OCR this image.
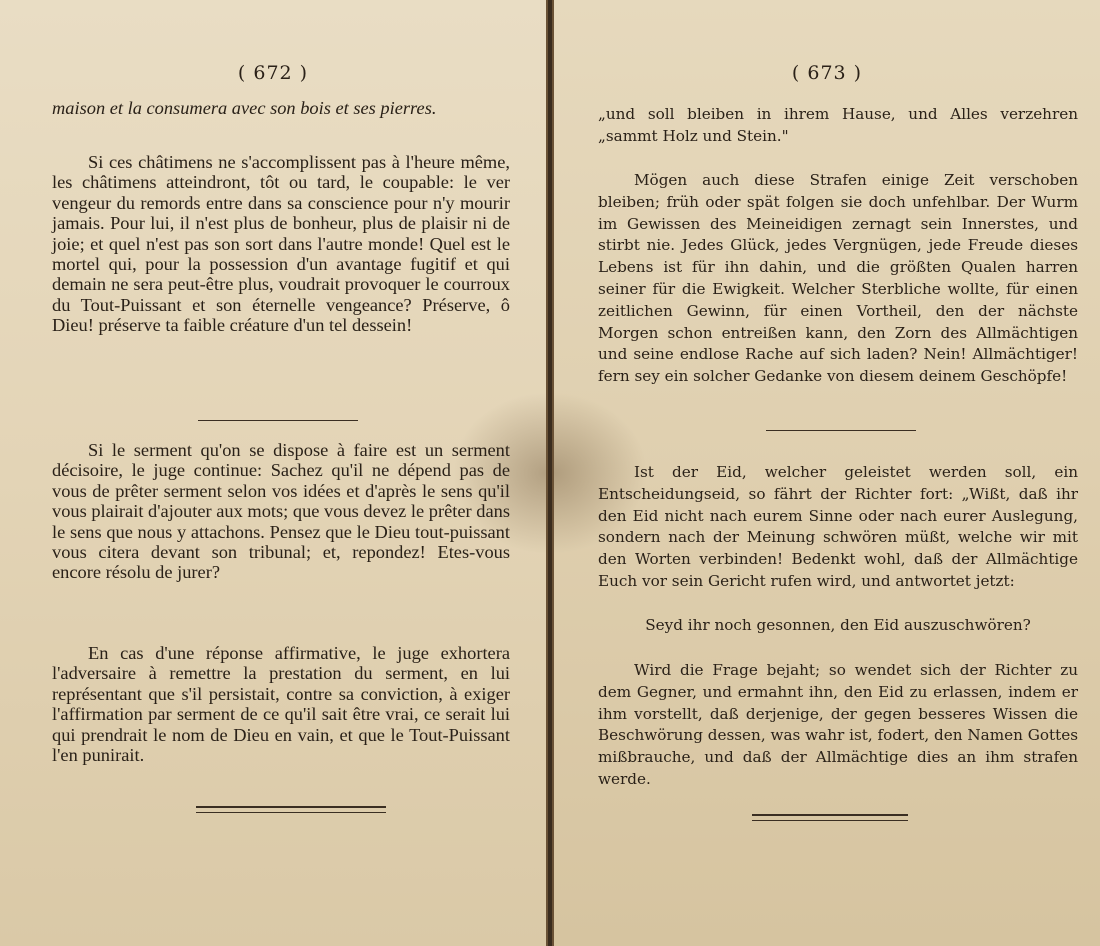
( 672 )

maison et la consumera avec son bois et ses pierres.

Si ces châtimens ne s'accomplissent pas à l'heure même, les châtimens atteindront, tôt ou tard, le coupable: le ver vengeur du remords entre dans sa conscience pour n'y mourir jamais. Pour lui, il n'est plus de bonheur, plus de plaisir ni de joie; et quel n'est pas son sort dans l'autre monde! Quel est le mortel qui, pour la possession d'un avantage fugitif et qui demain ne sera peut-être plus, voudrait provoquer le courroux du Tout-Puissant et son éternelle vengeance? Préserve, ô Dieu! préserve ta faible créature d'un tel dessein!

Si le serment qu'on se dispose à faire est un serment décisoire, le juge continue: Sachez qu'il ne dépend pas de vous de prêter serment selon vos idées et d'après le sens qu'il vous plairait d'ajouter aux mots; que vous devez le prêter dans le sens que nous y attachons. Pensez que le Dieu tout-puissant vous citera devant son tribunal; et, repondez! Etes-vous encore résolu de jurer?

En cas d'une réponse affirmative, le juge exhortera l'adversaire à remettre la prestation du serment, en lui représentant que s'il persistait, contre sa conviction, à exiger l'affirmation par serment de ce qu'il sait être vrai, ce serait lui qui prendrait le nom de Dieu en vain, et que le Tout-Puissant l'en punirait.

( 673 )

„und soll bleiben in ihrem Hause, und Alles verzehren „sammt Holz und Stein."

Mögen auch diese Strafen einige Zeit verschoben bleiben; früh oder spät folgen sie doch unfehlbar. Der Wurm im Gewissen des Meineidigen zernagt sein Innerstes, und stirbt nie. Jedes Glück, jedes Vergnügen, jede Freude dieses Lebens ist für ihn dahin, und die größten Qualen harren seiner für die Ewigkeit. Welcher Sterbliche wollte, für einen zeitlichen Gewinn, für einen Vortheil, den der nächste Morgen schon entreißen kann, den Zorn des Allmächtigen und seine endlose Rache auf sich laden? Nein! Allmächtiger! fern sey ein solcher Gedanke von diesem deinem Geschöpfe!

Ist der Eid, welcher geleistet werden soll, ein Entscheidungseid, so fährt der Richter fort: „Wißt, daß ihr den Eid nicht nach eurem Sinne oder nach eurer Auslegung, sondern nach der Meinung schwören müßt, welche wir mit den Worten verbinden! Bedenkt wohl, daß der Allmächtige Euch vor sein Gericht rufen wird, und antwortet jetzt:

Seyd ihr noch gesonnen, den Eid auszuschwören?

Wird die Frage bejaht; so wendet sich der Richter zu dem Gegner, und ermahnt ihn, den Eid zu erlassen, indem er ihm vorstellt, daß derjenige, der gegen besseres Wissen die Beschwörung dessen, was wahr ist, fodert, den Namen Gottes mißbrauche, und daß der Allmächtige dies an ihm strafen werde.
